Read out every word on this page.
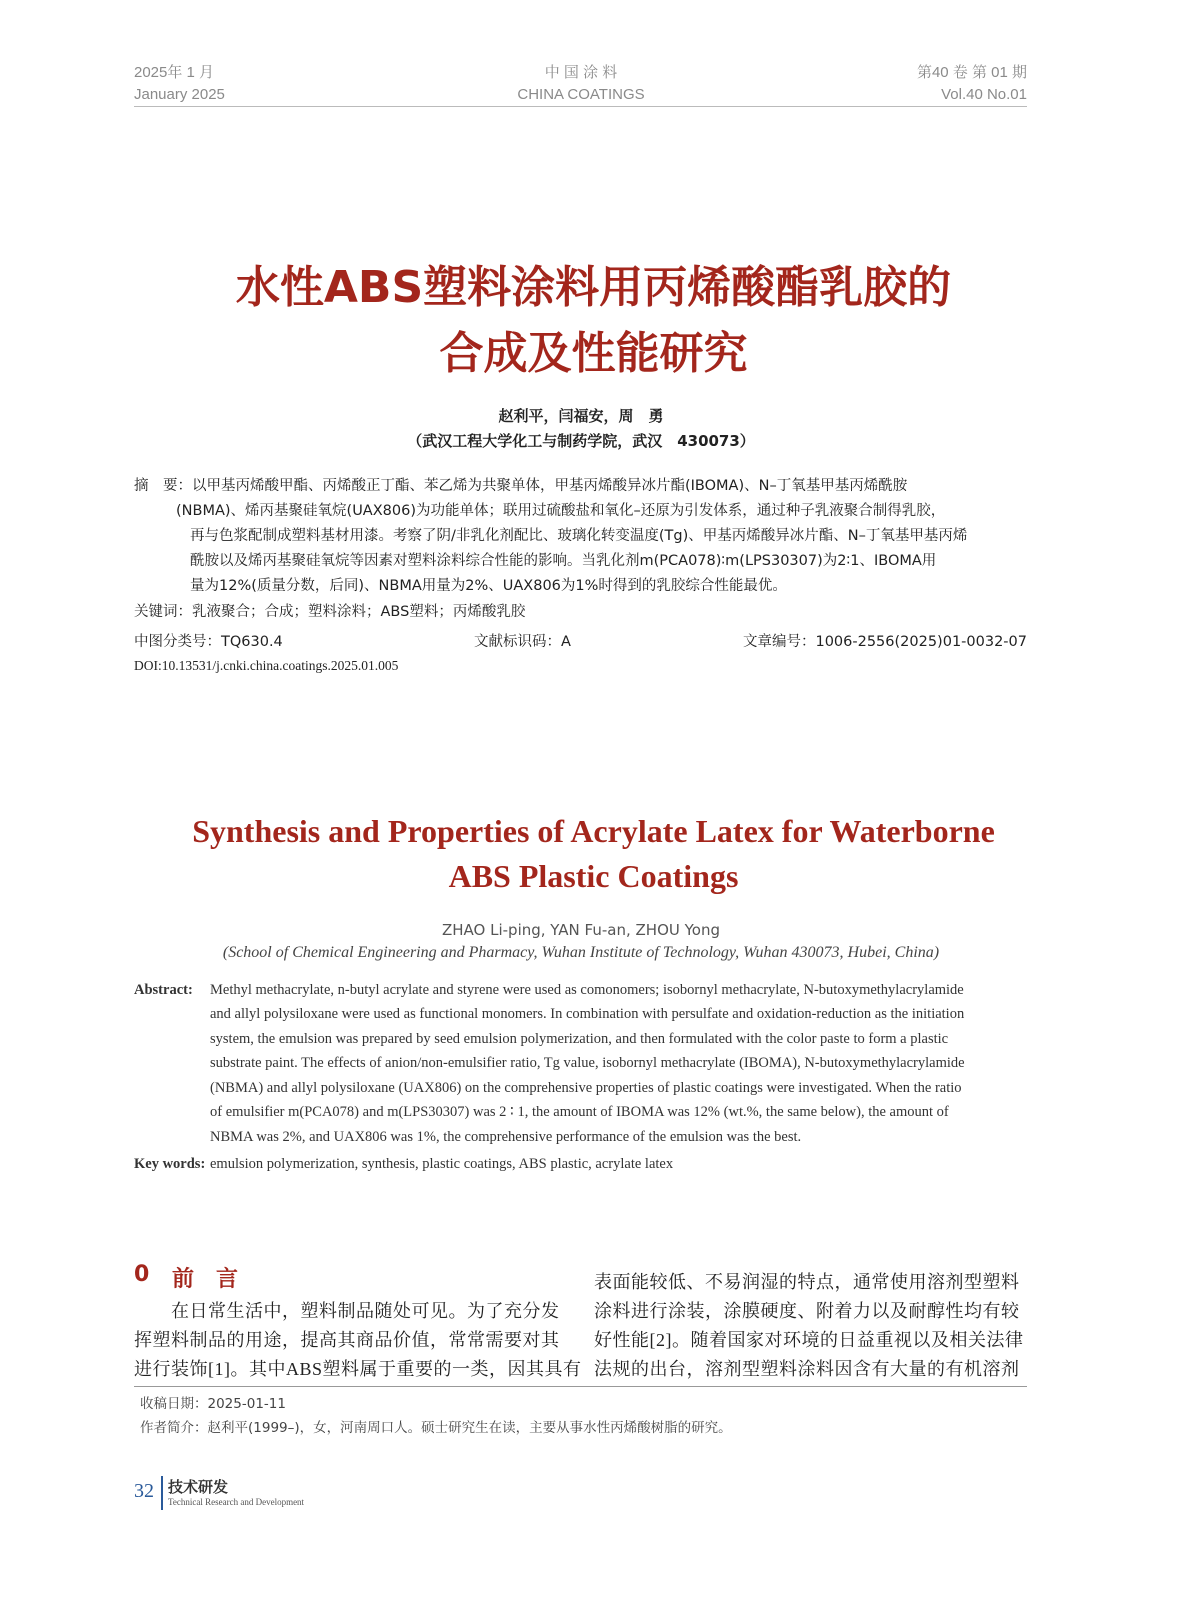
2025年 1 月
January 2025
中 国 涂 料
CHINA COATINGS
第40 卷 第 01 期
Vol.40 No.01
水性ABS塑料涂料用丙烯酸酯乳胶的
合成及性能研究
赵利平，闫福安，周　勇
（武汉工程大学化工与制药学院，武汉　430073）
摘　要： 以甲基丙烯酸甲酯、丙烯酸正丁酯、苯乙烯为共聚单体，甲基丙烯酸异冰片酯(IBOMA)、N–丁氧基甲基丙烯酰胺
(NBMA)、烯丙基聚硅氧烷(UAX806)为功能单体；联用过硫酸盐和氧化–还原为引发体系，通过种子乳液聚合制得乳胶，
再与色浆配制成塑料基材用漆。考察了阴/非乳化剂配比、玻璃化转变温度(Tg)、甲基丙烯酸异冰片酯、N–丁氧基甲基丙烯
酰胺以及烯丙基聚硅氧烷等因素对塑料涂料综合性能的影响。当乳化剂m(PCA078)∶m(LPS30307)为2∶1、IBOMA用
量为12%(质量分数，后同)、NBMA用量为2%、UAX806为1%时得到的乳胶综合性能最优。
关键词：乳液聚合；合成；塑料涂料；ABS塑料；丙烯酸乳胶
中图分类号：TQ630.4	文献标识码：A	文章编号：1006-2556(2025)01-0032-07
DOI:10.13531/j.cnki.china.coatings.2025.01.005
Synthesis and Properties of Acrylate Latex for Waterborne
ABS Plastic Coatings
ZHAO Li-ping, YAN Fu-an, ZHOU Yong
(School of Chemical Engineering and Pharmacy, Wuhan Institute of Technology, Wuhan 430073, Hubei, China)
Abstract: Methyl methacrylate, n-butyl acrylate and styrene were used as comonomers; isobornyl methacrylate, N-butoxymethylacrylamide
and allyl polysiloxane were used as functional monomers. In combination with persulfate and oxidation-reduction as the initiation
system, the emulsion was prepared by seed emulsion polymerization, and then formulated with the color paste to form a plastic
substrate paint. The effects of anion/non-emulsifier ratio, Tg value, isobornyl methacrylate (IBOMA), N-butoxymethylacrylamide
(NBMA) and allyl polysiloxane (UAX806) on the comprehensive properties of plastic coatings were investigated. When the ratio
of emulsifier m(PCA078) and m(LPS30307) was 2 ∶ 1, the amount of IBOMA was 12% (wt.%, the same below), the amount of
NBMA was 2%, and UAX806 was 1%, the comprehensive performance of the emulsion was the best.
Key words: emulsion polymerization, synthesis, plastic coatings, ABS plastic, acrylate latex
0 前　言
　　在日常生活中，塑料制品随处可见。为了充分发
挥塑料制品的用途，提高其商品价值，常常需要对其
进行装饰[1]。其中ABS塑料属于重要的一类，因其具有
表面能较低、不易润湿的特点，通常使用溶剂型塑料
涂料进行涂装，涂膜硬度、附着力以及耐醇性均有较
好性能[2]。随着国家对环境的日益重视以及相关法律
法规的出台，溶剂型塑料涂料因含有大量的有机溶剂
收稿日期：2025-01-11
作者简介：赵利平(1999–)，女，河南周口人。硕士研究生在读，主要从事水性丙烯酸树脂的研究。
32 技术研发
Technical Research and Development
